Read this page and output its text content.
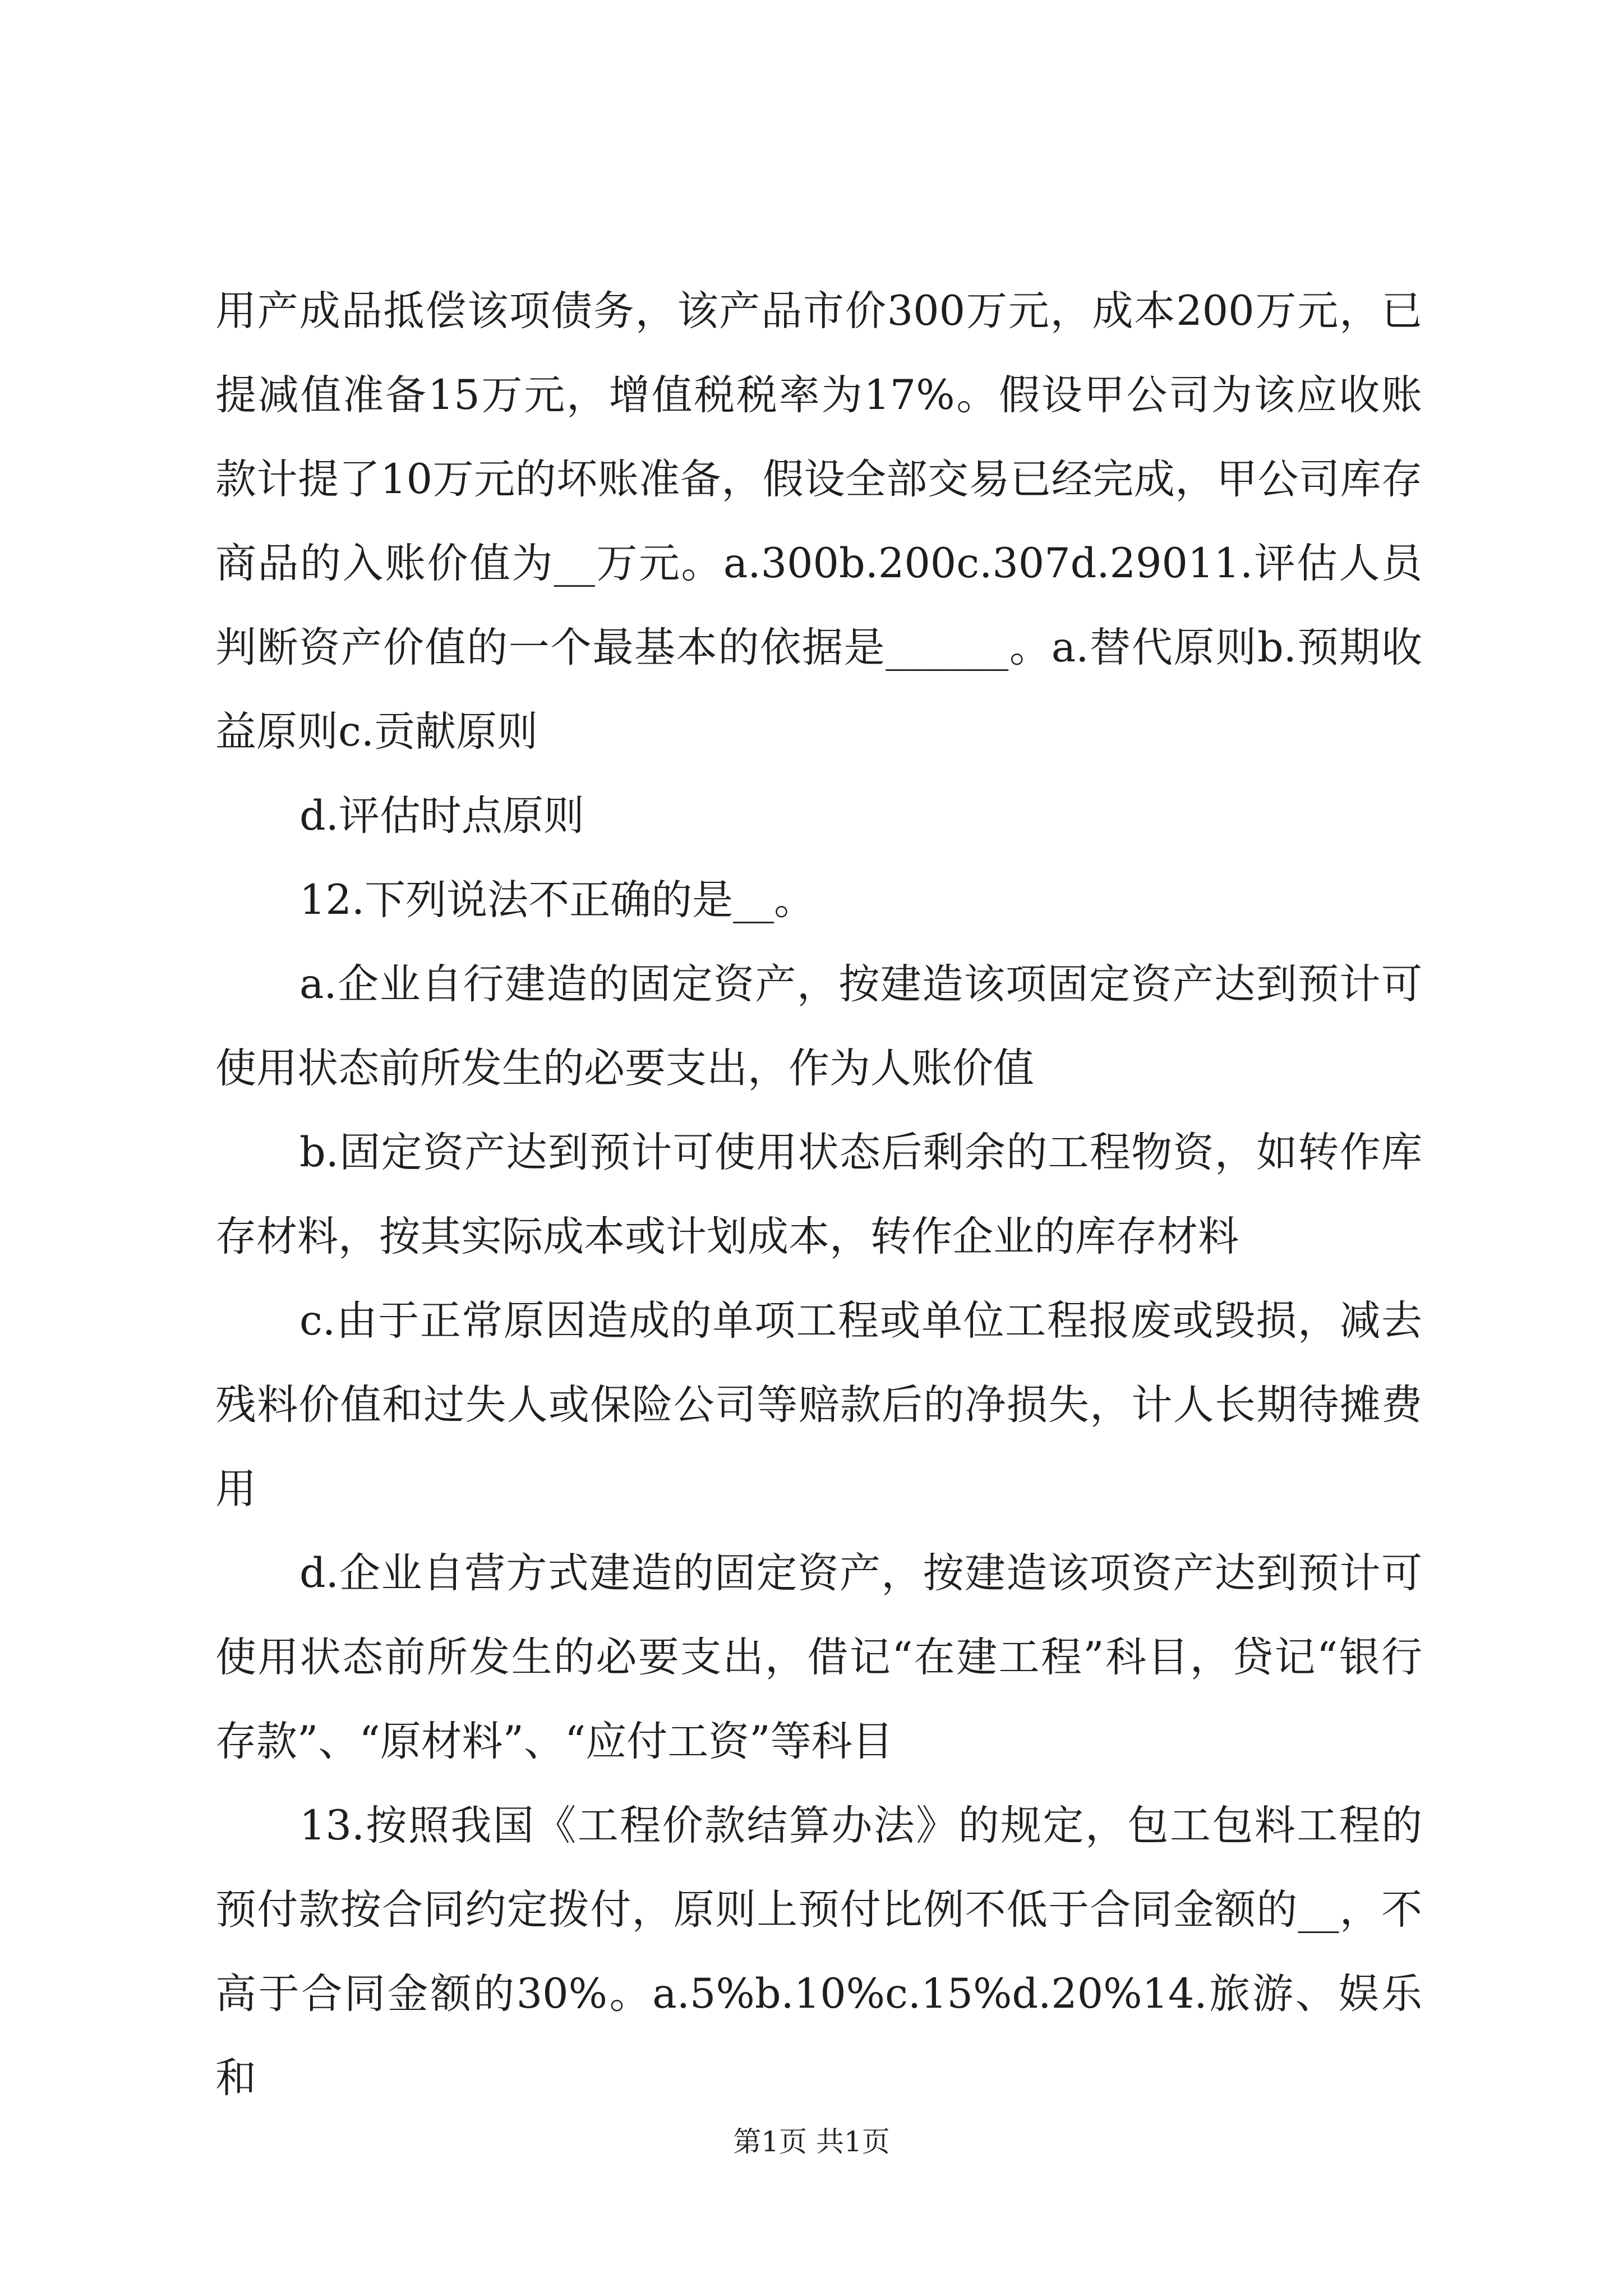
用产成品抵偿该项债务，该产品市价300万元，成本200万元，已提减值准备15万元，增值税税率为17%。假设甲公司为该应收账款计提了10万元的坏账准备，假设全部交易已经完成，甲公司库存商品的入账价值为__万元。a.300b.200c.307d.29011.评估人员判断资产价值的一个最基本的依据是______。a.替代原则b.预期收益原则c.贡献原则

d.评估时点原则

12.下列说法不正确的是__。

a.企业自行建造的固定资产，按建造该项固定资产达到预计可使用状态前所发生的必要支出，作为人账价值

b.固定资产达到预计可使用状态后剩余的工程物资，如转作库存材料，按其实际成本或计划成本，转作企业的库存材料

c.由于正常原因造成的单项工程或单位工程报废或毁损，减去残料价值和过失人或保险公司等赔款后的净损失，计人长期待摊费用

d.企业自营方式建造的固定资产，按建造该项资产达到预计可使用状态前所发生的必要支出，借记“在建工程”科目，贷记“银行存款”、“原材料”、“应付工资”等科目

13.按照我国《工程价款结算办法》的规定，包工包料工程的预付款按合同约定拨付，原则上预付比例不低于合同金额的__，不高于合同金额的30%。a.5%b.10%c.15%d.20%14.旅游、娱乐和

第1页 共1页
